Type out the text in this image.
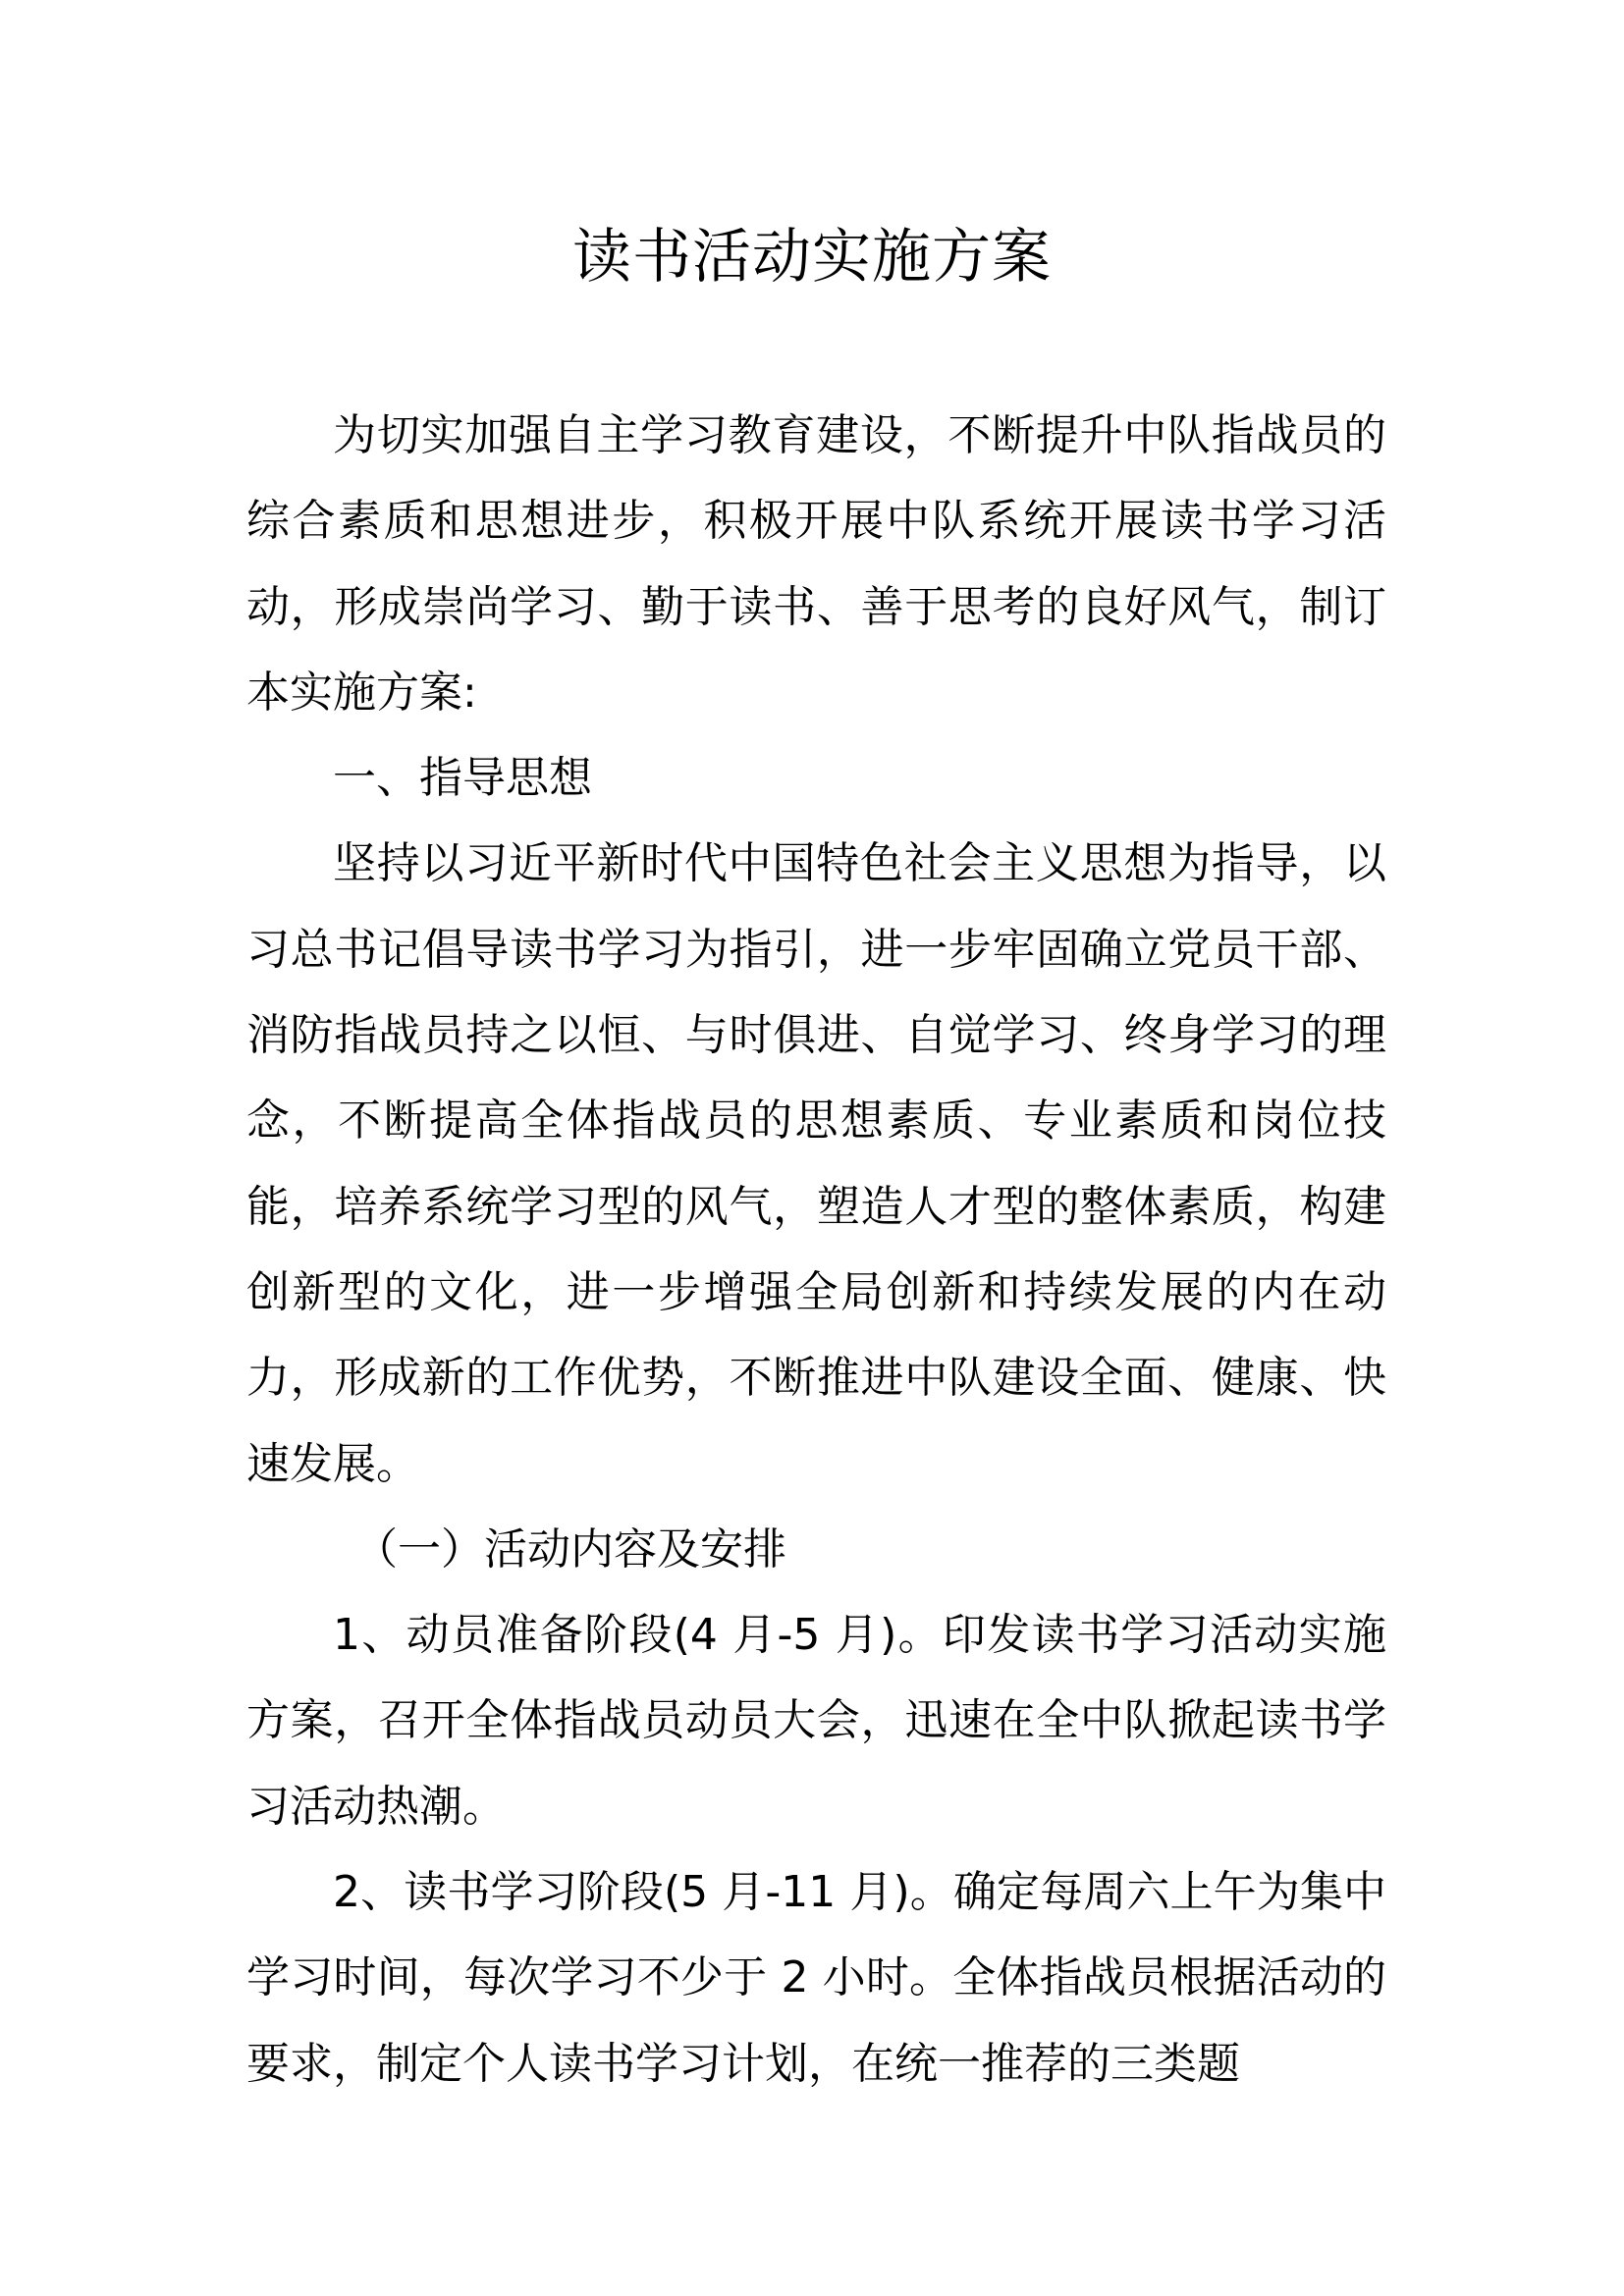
读书活动实施方案

为切实加强自主学习教育建设，不断提升中队指战员的综合素质和思想进步，积极开展中队系统开展读书学习活动，形成崇尚学习、勤于读书、善于思考的良好风气，制订本实施方案:

一、指导思想

坚持以习近平新时代中国特色社会主义思想为指导，以习总书记倡导读书学习为指引，进一步牢固确立党员干部、消防指战员持之以恒、与时俱进、自觉学习、终身学习的理念，不断提高全体指战员的思想素质、专业素质和岗位技能，培养系统学习型的风气，塑造人才型的整体素质，构建创新型的文化，进一步增强全局创新和持续发展的内在动力，形成新的工作优势，不断推进中队建设全面、健康、快速发展。

（一）活动内容及安排

1、动员准备阶段(4 月-5 月)。印发读书学习活动实施方案，召开全体指战员动员大会，迅速在全中队掀起读书学习活动热潮。

2、读书学习阶段(5 月-11 月)。确定每周六上午为集中学习时间，每次学习不少于 2 小时。全体指战员根据活动的要求，制定个人读书学习计划，在统一推荐的三类题
